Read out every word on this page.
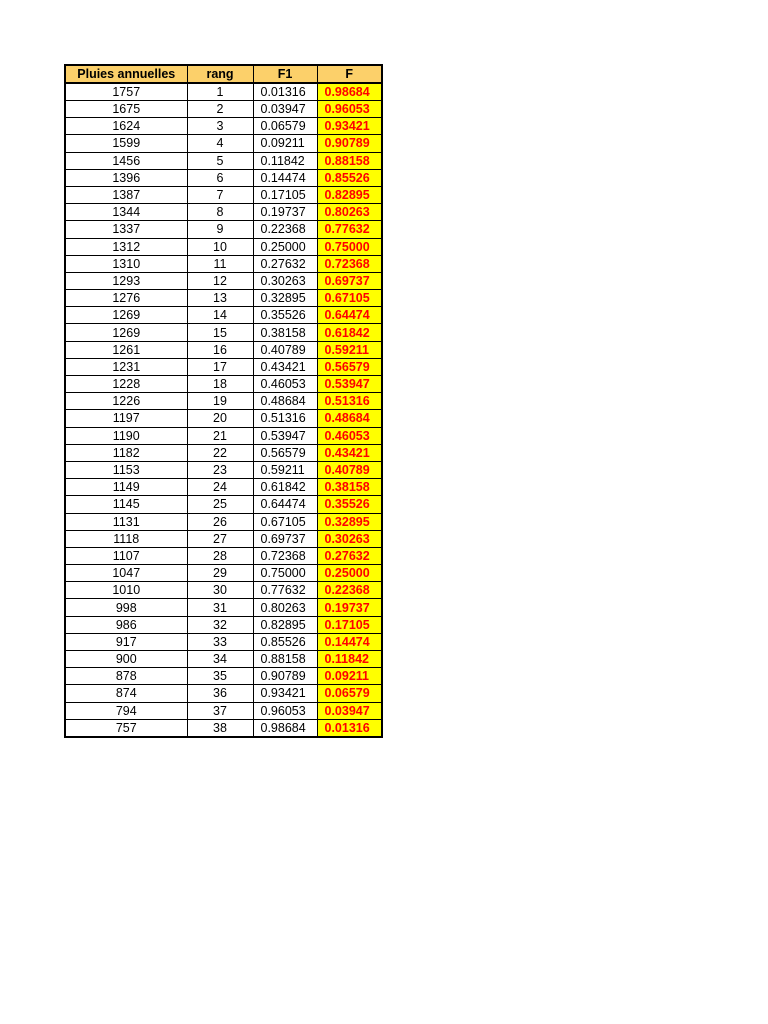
Pluies annuelles	rang	F1	F
1757	1	0.01316	0.98684
1675	2	0.03947	0.96053
1624	3	0.06579	0.93421
1599	4	0.09211	0.90789
1456	5	0.11842	0.88158
1396	6	0.14474	0.85526
1387	7	0.17105	0.82895
1344	8	0.19737	0.80263
1337	9	0.22368	0.77632
1312	10	0.25000	0.75000
1310	11	0.27632	0.72368
1293	12	0.30263	0.69737
1276	13	0.32895	0.67105
1269	14	0.35526	0.64474
1269	15	0.38158	0.61842
1261	16	0.40789	0.59211
1231	17	0.43421	0.56579
1228	18	0.46053	0.53947
1226	19	0.48684	0.51316
1197	20	0.51316	0.48684
1190	21	0.53947	0.46053
1182	22	0.56579	0.43421
1153	23	0.59211	0.40789
1149	24	0.61842	0.38158
1145	25	0.64474	0.35526
1131	26	0.67105	0.32895
1118	27	0.69737	0.30263
1107	28	0.72368	0.27632
1047	29	0.75000	0.25000
1010	30	0.77632	0.22368
998	31	0.80263	0.19737
986	32	0.82895	0.17105
917	33	0.85526	0.14474
900	34	0.88158	0.11842
878	35	0.90789	0.09211
874	36	0.93421	0.06579
794	37	0.96053	0.03947
757	38	0.98684	0.01316
